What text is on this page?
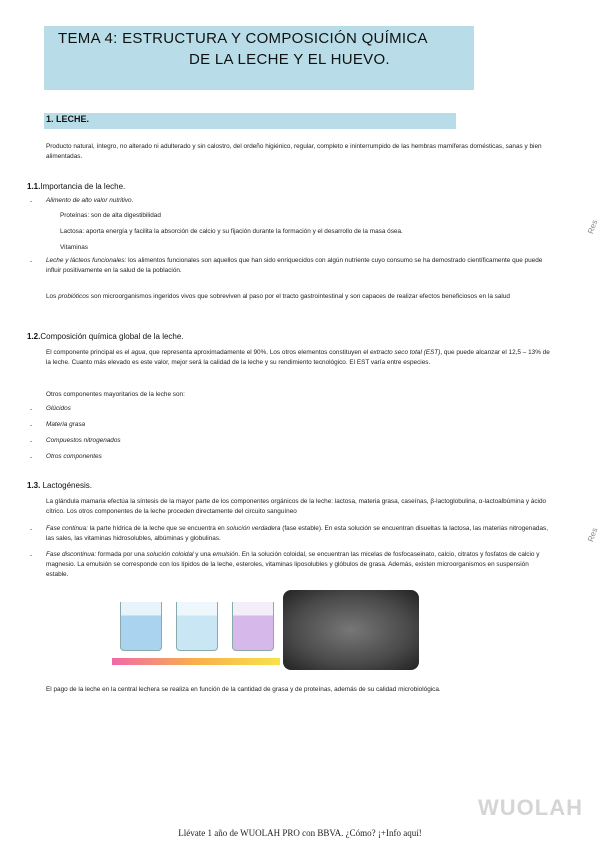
TEMA 4: ESTRUCTURA Y COMPOSICIÓN QUÍMICA
DE LA LECHE Y EL HUEVO.
1. LECHE.
Producto natural, íntegro, no alterado ni adulterado y sin calostro, del ordeño higiénico, regular, completo e ininterrumpido de las hembras mamíferas domésticas, sanas y bien alimentadas.
1.1.Importancia de la leche.
- Alimento de alto valor nutritivo.
Proteínas: son de alta digestibilidad
Lactosa: aporta energía y facilita la absorción de calcio y su fijación durante la formación y el desarrollo de la masa ósea.
Vitaminas
- Leche y lácteos funcionales: los alimentos funcionales son aquellos que han sido enriquecidos con algún nutriente cuyo consumo se ha demostrado científicamente que puede influir positivamente en la salud de la población.
Los probióticos son microorganismos ingeridos vivos que sobreviven al paso por el tracto gastrointestinal y son capaces de realizar efectos beneficiosos en la salud
1.2.Composición química global de la leche.
El componente principal es el agua, que representa aproximadamente el 90%. Los otros elementos constituyen el extracto seco total (EST), que puede alcanzar el 12,5 – 13% de la leche. Cuanto más elevado es este valor, mejor será la calidad de la leche y su rendimiento tecnológico. El EST varía entre especies.
Otros componentes mayoritarios de la leche son:
- Glúcidos
- Materia grasa
- Compuestos nitrogenados
- Otros componentes
1.3. Lactogénesis.
La glándula mamaria efectúa la síntesis de la mayor parte de los componentes orgánicos de la leche: lactosa, materia grasa, caseínas, β-lactoglobulina, α-lactoalbúmina y ácido cítrico. Los otros componentes de la leche proceden directamente del circuito sanguíneo
- Fase continua: la parte hídrica de la leche que se encuentra en solución verdadera (fase estable). En esta solución se encuentran disueltas la lactosa, las materias nitrogenadas, las sales, las vitaminas hidrosolubles, albúminas y globulinas.
- Fase discontinua: formada por una solución coloidal y una emulsión. En la solución coloidal, se encuentran las micelas de fosfocaseinato, calcio, citratos y fosfatos de calcio y magnesio. La emulsión se corresponde con los lípidos de la leche, esteroles, vitaminas liposolubles y glóbulos de grasa. Además, existen microorganismos en suspensión estable.
El pago de la leche en la central lechera se realiza en función de la cantidad de grasa y de proteínas, además de su calidad microbiológica.
Res
Res
WUOLAH
Llévate 1 año de WUOLAH PRO con BBVA. ¿Cómo? ¡+Info aquí!
